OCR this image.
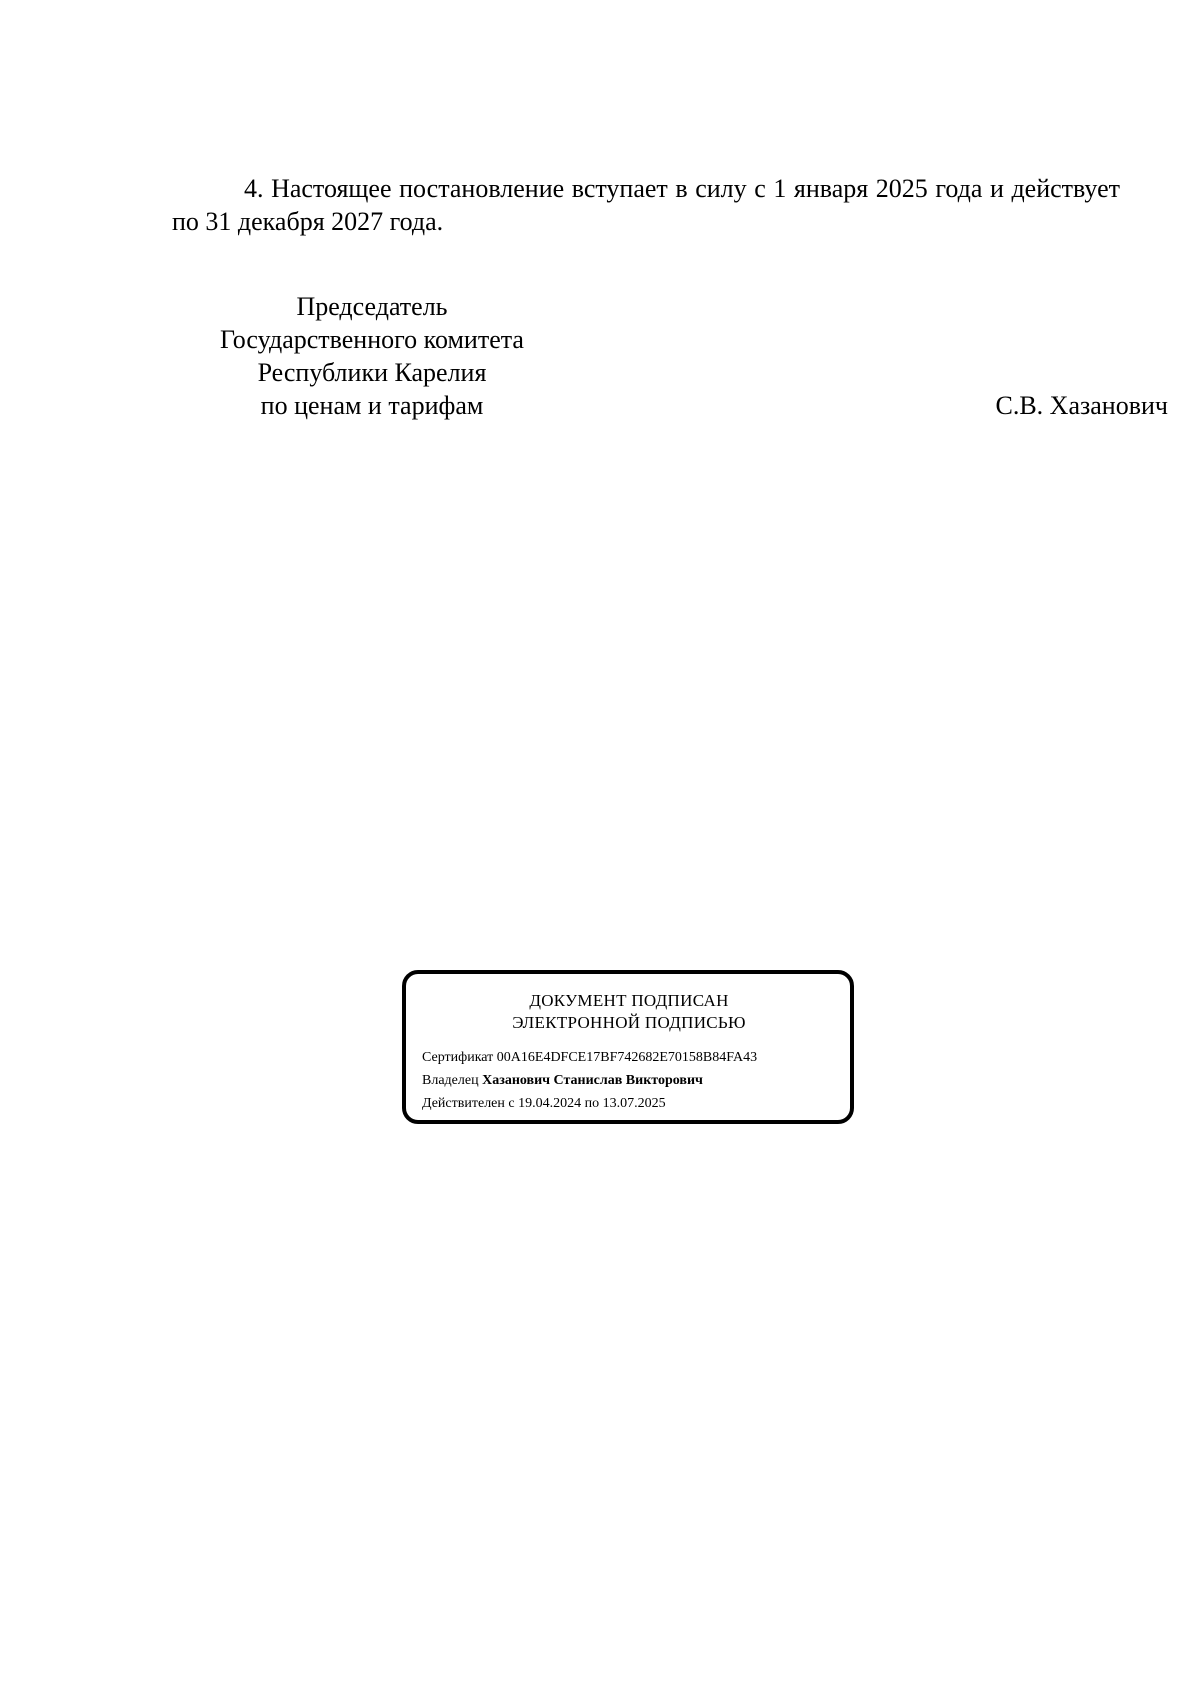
4. Настоящее постановление вступает в силу с 1 января 2025 года и действует по 31 декабря 2027 года.

Председатель
Государственного комитета
Республики Карелия
по ценам и тарифам	С.В. Хазанович
ДОКУМЕНТ ПОДПИСАН
ЭЛЕКТРОННОЙ ПОДПИСЬЮ
Сертификат 00A16E4DFCE17BF742682E70158B84FA43
Владелец Хазанович Станислав Викторович
Действителен с 19.04.2024 по 13.07.2025
